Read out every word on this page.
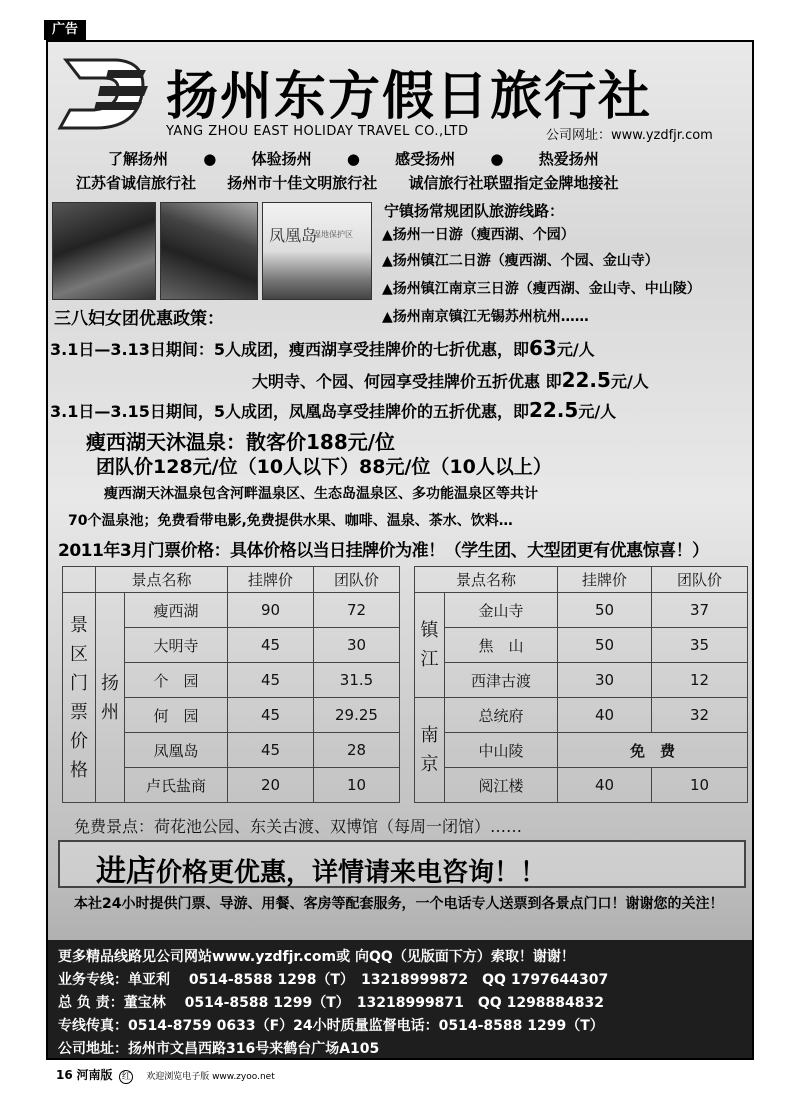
广告
扬州东方假日旅行社
YANG ZHOU EAST HOLIDAY TRAVEL CO.,LTD	公司网址：www.yzdfjr.com
了解扬州 ● 体验扬州 ● 感受扬州 ● 热爱扬州
江苏省诚信旅行社 扬州市十佳文明旅行社 诚信旅行社联盟指定金牌地接社
凤凰岛
湿地保护区
宁镇扬常规团队旅游线路：
▲扬州一日游（瘦西湖、个园）
▲扬州镇江二日游（瘦西湖、个园、金山寺）
▲扬州镇江南京三日游（瘦西湖、金山寺、中山陵）
▲扬州南京镇江无锡苏州杭州……
三八妇女团优惠政策：
3.1日—3.13日期间：5人成团，瘦西湖享受挂牌价的七折优惠，即63元/人
大明寺、个园、何园享受挂牌价五折优惠 即22.5元/人
3.1日—3.15日期间，5人成团，凤凰岛享受挂牌价的五折优惠，即22.5元/人
瘦西湖天沐温泉：散客价188元/位
团队价128元/位（10人以下）88元/位（10人以上）
瘦西湖天沐温泉包含河畔温泉区、生态岛温泉区、多功能温泉区等共计
70个温泉池；免费看带电影,免费提供水果、咖啡、温泉、茶水、饮料…
2011年3月门票价格：具体价格以当日挂牌价为准！（学生团、大型团更有优惠惊喜！）
	景点名称		挂牌价	团队价
景区门票价格	扬州	瘦西湖	90	72
		大明寺	45	30
		个　园	45	31.5
		何　园	45	29.25
		凤凰岛	45	28
		卢氏盐商	20	10
景点名称		挂牌价	团队价
镇江	金山寺	50	37
	焦　山	50	35
	西津古渡	30	12
南京	总统府	40	32
	中山陵	免　费	
	阅江楼	40	10
免费景点：荷花池公园、东关古渡、双博馆（每周一闭馆）……
进店价格更优惠，详情请来电咨询！！
本社24小时提供门票、导游、用餐、客房等配套服务，一个电话专人送票到各景点门口！谢谢您的关注！
更多精品线路见公司网站www.yzdfjr.com或 向QQ（见版面下方）索取！谢谢！
业务专线：单亚利　 0514-8588 1298（T）　13218999872　QQ 1797644307
总 负 责：董宝林　 0514-8588 1299（T）　13218999871　QQ 1298884832
专线传真：0514-8759 0633（F）24小时质量监督电话：0514-8588 1299（T）
公司地址：扬州市文昌西路316号来鹤台广场A105
16 河南版 红 欢迎浏览电子版 www.zyoo.net
